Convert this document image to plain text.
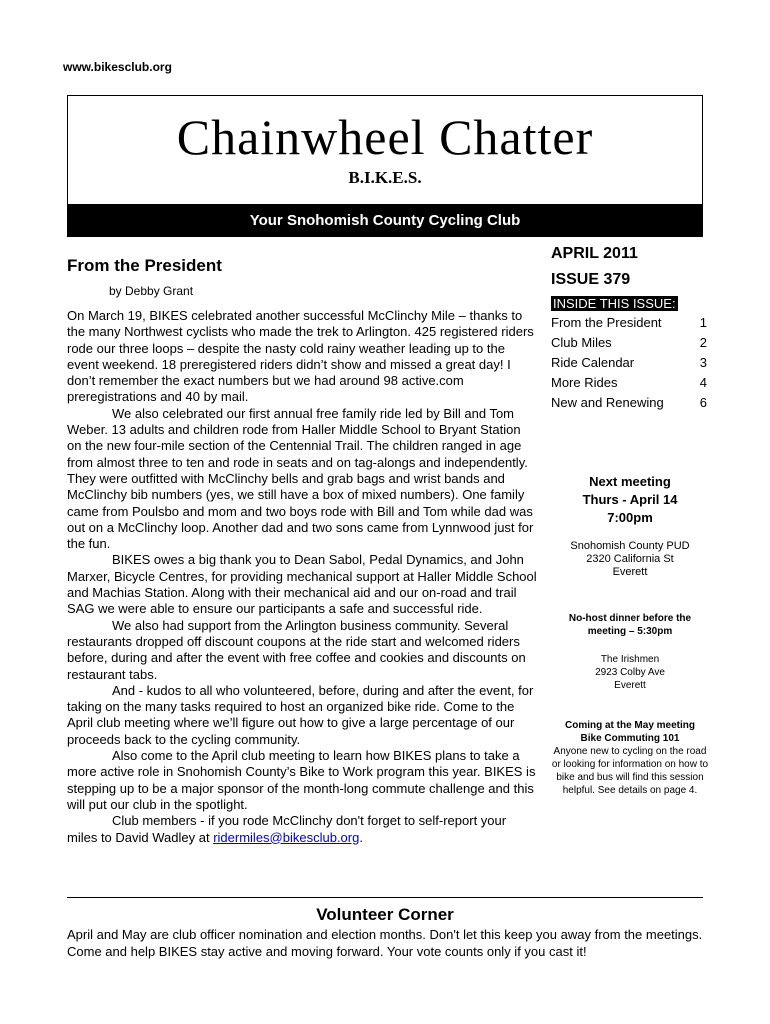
www.bikesclub.org
Chainwheel Chatter
B.I.K.E.S.
Your Snohomish County Cycling Club
From the President
by Debby Grant

On March 19, BIKES celebrated another successful McClinchy Mile – thanks to the many Northwest cyclists who made the trek to Arlington. 425 registered riders rode our three loops – despite the nasty cold rainy weather leading up to the event weekend. 18 preregistered riders didn’t show and missed a great day! I don’t remember the exact numbers but we had around 98 active.com preregistrations and 40 by mail.

We also celebrated our first annual free family ride led by Bill and Tom Weber. 13 adults and children rode from Haller Middle School to Bryant Station on the new four-mile section of the Centennial Trail. The children ranged in age from almost three to ten and rode in seats and on tag-alongs and independently. They were outfitted with McClinchy bells and grab bags and wrist bands and McClinchy bib numbers (yes, we still have a box of mixed numbers). One family came from Poulsbo and mom and two boys rode with Bill and Tom while dad was out on a McClinchy loop. Another dad and two sons came from Lynnwood just for the fun.

BIKES owes a big thank you to Dean Sabol, Pedal Dynamics, and John Marxer, Bicycle Centres, for providing mechanical support at Haller Middle School and Machias Station. Along with their mechanical aid and our on-road and trail SAG we were able to ensure our participants a safe and successful ride.

We also had support from the Arlington business community. Several restaurants dropped off discount coupons at the ride start and welcomed riders before, during and after the event with free coffee and cookies and discounts on restaurant tabs.

And - kudos to all who volunteered, before, during and after the event, for taking on the many tasks required to host an organized bike ride. Come to the April club meeting where we’ll figure out how to give a large percentage of our proceeds back to the cycling community.

Also come to the April club meeting to learn how BIKES plans to take a more active role in Snohomish County’s Bike to Work program this year. BIKES is stepping up to be a major sponsor of the month-long commute challenge and this will put our club in the spotlight.

Club members - if you rode McClinchy don't forget to self-report your miles to David Wadley at ridermiles@bikesclub.org.

APRIL 2011
ISSUE 379
INSIDE THIS ISSUE:
From the President	1
Club Miles	2
Ride Calendar	3
More Rides	4
New and Renewing	6
Next meeting
Thurs - April 14
7:00pm
Snohomish County PUD
2320 California St
Everett
No-host dinner before the
meeting – 5:30pm
The Irishmen
2923 Colby Ave
Everett
Coming at the May meeting
Bike Commuting 101
Anyone new to cycling on the road or looking for information on how to bike and bus will find this session helpful. See details on page 4.
Volunteer Corner

April and May are club officer nomination and election months. Don't let this keep you away from the meetings. Come and help BIKES stay active and moving forward. Your vote counts only if you cast it!
